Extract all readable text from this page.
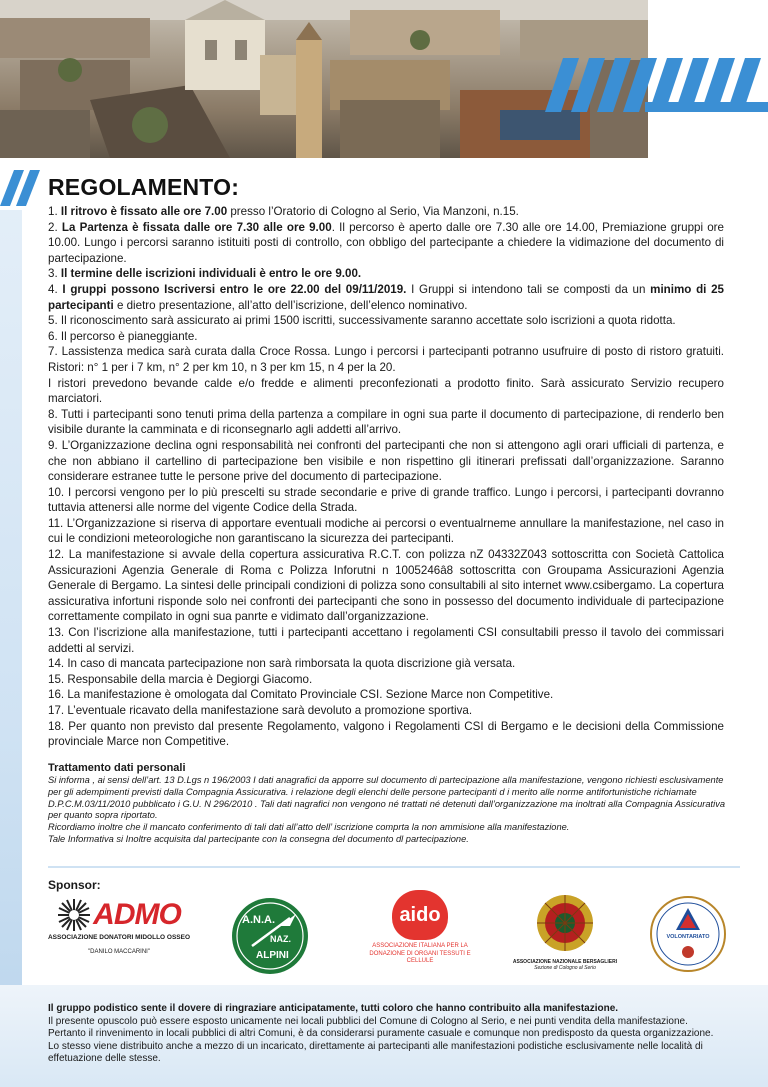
REGOLAMENTO:

1. Il ritrovo è fissato alle ore 7.00 presso l’Oratorio di Cologno al Serio, Via Manzoni, n.15.

2. La Partenza è fissata dalle ore 7.30 alle ore 9.00. Il percorso è aperto dalle ore 7.30 alle ore 14.00, Premiazione gruppi ore 10.00. Lungo i percorsi saranno istituiti posti di controllo, con obbligo del partecipante a chiedere la vidimazione del documento di partecipazione.

3. Il termine delle iscrizioni individuali è entro le ore 9.00.

4. I gruppi possono Iscriversi entro le ore 22.00 del 09/11/2019. I Gruppi si intendono tali se composti da un minimo di 25 partecipanti e dietro presentazione, all’atto dell’iscrizione, dell’elenco nominativo.

5. Il riconoscimento sarà assicurato ai primi 1500 iscritti, successivamente saranno accettate solo iscrizioni a quota ridotta.

6. Il percorso è pianeggiante.

7. Lassistenza medica sarà curata dalla Croce Rossa. Lungo i percorsi i partecipanti potranno usufruire di posto di ristoro gratuiti. Ristori: n° 1 per i 7 km, n° 2 per km 10, n 3 per km 15, n 4 per la 20.

I ristori prevedono bevande calde e/o fredde e alimenti preconfezionati a prodotto finito. Sarà assicurato Servizio recupero marciatori.

8. Tutti i partecipanti sono tenuti prima della partenza a compilare in ogni sua parte il documento di partecipazione, di renderlo ben visibile durante la camminata e di riconsegnarlo agli addetti all’arrivo.

9. L’Organizzazione declina ogni responsabilità nei confronti del partecipanti che non si attengono agli orari ufficiali di partenza, e che non abbiano il cartellino di partecipazione ben visibile e non rispettino gli itinerari prefissati dall’organizzazione. Saranno considerare estranee tutte le persone prive del documento di partecipazione.

10. I percorsi vengono per lo più prescelti su strade secondarie e prive di grande traffico. Lungo i percorsi, i partecipanti dovranno tuttavia attenersi alle norme del vigente Codice della Strada.

11. L’Organizzazione si riserva di apportare eventuali modiche ai percorsi o eventualrneme annullare la manifestazione, nel caso in cui le condizioni meteorologiche non garantiscano la sicurezza dei partecipanti.

12. La manifestazione si avvale della copertura assicurativa R.C.T. con polizza nZ 04332Z043 sottoscritta con Società Cattolica Assicurazioni Agenzia Generale di Roma c Polizza Inforutni n 1005246â8 sottoscritta con Groupama Assicurazioni Agenzia Generale di Bergamo. La sintesi delle principali condizioni di polizza sono consultabili al sito internet www.csibergamo. La copertura assicurativa infortuni risponde solo nei confronti dei partecipanti che sono in possesso del documento individuale di partecipazione correttamente compilato in ogni sua panrte e vidimato dall’organizzazione.

13. Con l’iscrizione alla manifestazione, tutti i partecipanti accettano i regolamenti CSI consultabili presso il tavolo dei commissari addetti al servizi.

14. In caso di mancata partecipazione non sarà rimborsata la quota discrizione già versata.

15. Responsabile della marcia è Degiorgi Giacomo.

16. La manifestazione è omologata dal Comitato Provinciale CSI. Sezione Marce non Competitive.

17. L’eventuale ricavato della manifestazione sarà devoluto a promozione sportiva.

18. Per quanto non previsto dal presente Regolamento, valgono i Regolamenti CSI di Bergamo e le decisioni della Commissione provinciale Marce non Competitive.

Trattamento dati personali

Si informa , ai sensi dell’art. 13 D.Lgs n 196/2003 I dati anagrafici da apporre sul documento di partecipazione alla manifestazione, vengono richiesti esclusivamente per gli adempimenti previsti dalla Compagnia Assicurativa. i relazione degli elenchi delle persone partecipanti d i merito alle norme antifortunistiche richiamate D.P.C.M.03/11/2010 pubblicato i G.U. N 296/2010 . Tali dati nagrafici non vengono né trattati né detenuti dall’organizzazione ma inoltrati alla Compagnia Assicurativa per quanto sopra riportato.

Ricordiamo inoltre che il mancato conferimento di tali dati all’atto dell’ iscrizione comprta la non ammisione alla manifestazione.

Tale Informativa si Inoltre acquisita dal partecipante con la consegna del documento dl partecipazione.

Sponsor:
ADMO
ASSOCIAZIONE DONATORI MIDOLLO OSSEO
"DANILO MACCARINI"
A.N.A.
NAZ.
ALPINI
aido
ASSOCIAZIONE ITALIANA PER LA DONAZIONE DI ORGANI TESSUTI E CELLULE	ASSOCIAZIONE NAZIONALE BERSAGLIERI
Sezione di Cologno al Serio
VOLONTARIATO

Il gruppo podistico sente il dovere di ringraziare anticipatamente, tutti coloro che hanno contribuito alla manifestazione.

Il presente opuscolo può essere esposto unicamente nei locali pubblici del Comune di Cologno al Serio, e nei punti vendita della manifestazione. Pertanto il rinvenimento in locali pubblici di altri Comuni, è da considerarsi puramente casuale e comunque non predisposto da questa organizzazione. Lo stesso viene distribuito anche a mezzo di un incaricato, direttamente ai partecipanti alle manifestazioni podistiche esclusivamente nelle località di effetuazione delle stesse.
